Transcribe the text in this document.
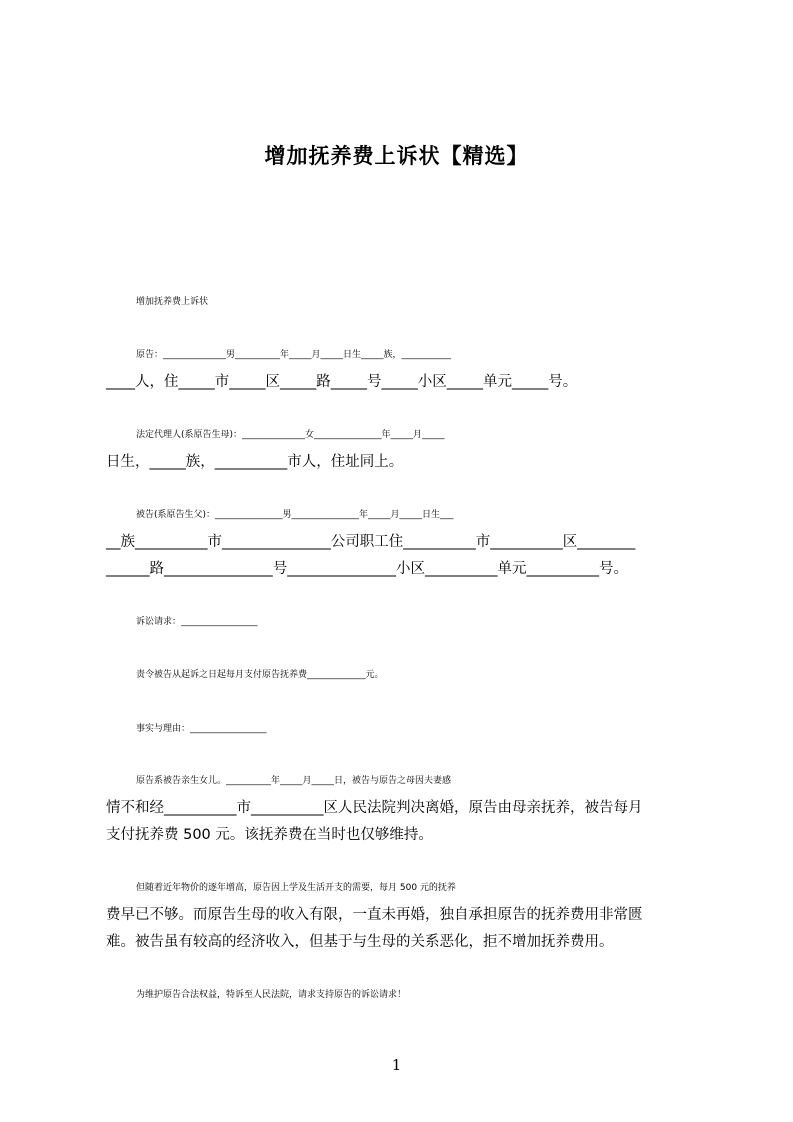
增加抚养费上诉状【精选】
增加抚养费上诉状
原告：______________男__________年_____月_____日生_____族，___________
____人，住_____市_____区_____路_____号_____小区_____单元_____号。
法定代理人(系原告生母)：______________女_______________年_____月_____
日生，_____族，__________市人，住址同上。
被告(系原告生父)：_______________男_______________年_____月_____日生___
__族__________市_______________公司职工住__________市__________区________
______路_______________号_______________小区__________单元__________号。
诉讼请求：_________________
责令被告从起诉之日起每月支付原告抚养费_____________元。
事实与理由：_________________
原告系被告亲生女儿。__________年_____月_____日，被告与原告之母因夫妻感
情不和经__________市__________区人民法院判决离婚，原告由母亲抚养，被告每月
支付抚养费 500 元。该抚养费在当时也仅够维持。
但随着近年物价的逐年增高，原告因上学及生活开支的需要，每月 500 元的抚养
费早已不够。而原告生母的收入有限，一直未再婚，独自承担原告的抚养费用非常匮
难。被告虽有较高的经济收入，但基于与生母的关系恶化，拒不增加抚养费用。
为维护原告合法权益，特诉至人民法院，请求支持原告的诉讼请求！
1
